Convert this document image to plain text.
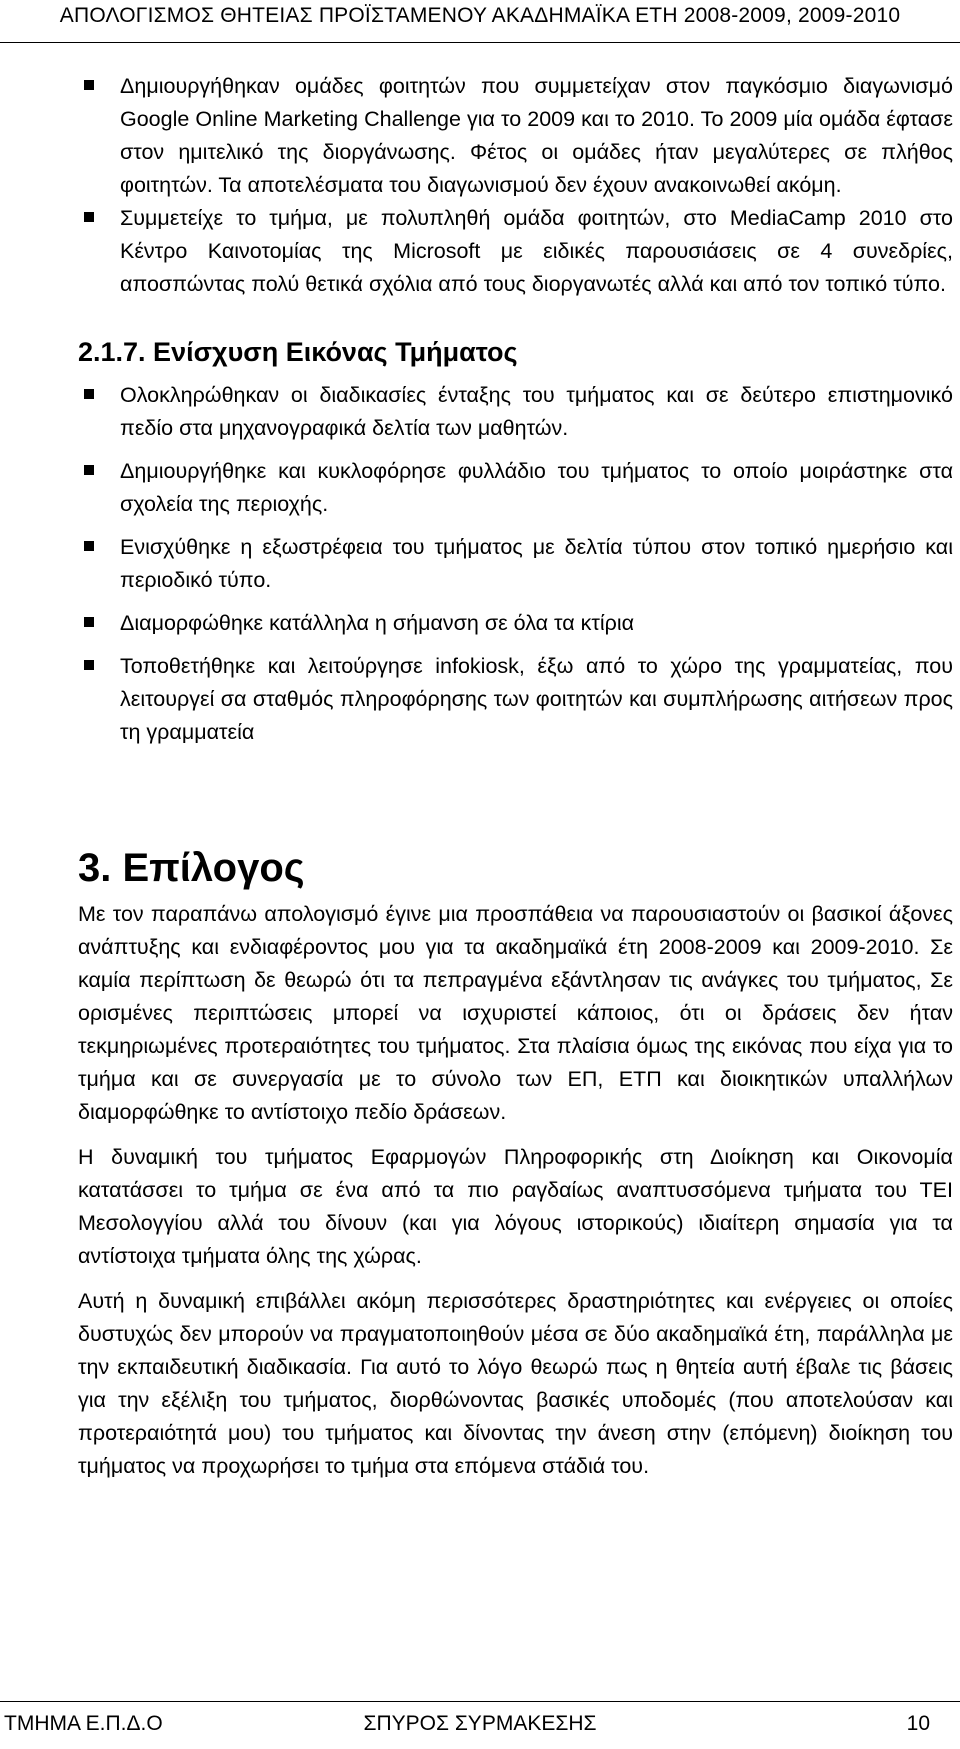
ΑΠΟΛΟΓΙΣΜΟΣ ΘΗΤΕΙΑΣ ΠΡΟΪΣΤΑΜΕΝΟΥ ΑΚΑΔΗΜΑΪΚΑ ΕΤΗ 2008-2009, 2009-2010
Δημιουργήθηκαν ομάδες φοιτητών που συμμετείχαν στον παγκόσμιο διαγωνισμό Google Online Marketing Challenge για το 2009 και το 2010. Το 2009 μία ομάδα έφτασε στον ημιτελικό της διοργάνωσης. Φέτος οι ομάδες ήταν μεγαλύτερες σε πλήθος φοιτητών. Τα αποτελέσματα του διαγωνισμού δεν έχουν ανακοινωθεί ακόμη.
Συμμετείχε το τμήμα, με πολυπληθή ομάδα φοιτητών, στο MediaCamp 2010 στο Κέντρο Καινοτομίας της Microsoft με ειδικές παρουσιάσεις σε 4 συνεδρίες, αποσπώντας πολύ θετικά σχόλια από τους διοργανωτές αλλά και από τον τοπικό τύπο.
2.1.7. Ενίσχυση Εικόνας Τμήματος
Ολοκληρώθηκαν οι διαδικασίες ένταξης του τμήματος και σε δεύτερο επιστημονικό πεδίο στα μηχανογραφικά δελτία των μαθητών.
Δημιουργήθηκε και κυκλοφόρησε φυλλάδιο του τμήματος το οποίο μοιράστηκε στα σχολεία της περιοχής.
Ενισχύθηκε η εξωστρέφεια του τμήματος με δελτία τύπου στον τοπικό ημερήσιο και περιοδικό τύπο.
Διαμορφώθηκε κατάλληλα η σήμανση σε όλα τα κτίρια
Τοποθετήθηκε και λειτούργησε infokiosk, έξω από το χώρο της γραμματείας, που λειτουργεί σα σταθμός πληροφόρησης των φοιτητών και συμπλήρωσης αιτήσεων προς τη γραμματεία
3. Επίλογος

Με τον παραπάνω απολογισμό έγινε μια προσπάθεια να παρουσιαστούν οι βασικοί άξονες ανάπτυξης και ενδιαφέροντος μου για τα ακαδημαϊκά έτη 2008-2009 και 2009-2010. Σε καμία περίπτωση δε θεωρώ ότι τα πεπραγμένα εξάντλησαν τις ανάγκες του τμήματος, Σε ορισμένες περιπτώσεις μπορεί να ισχυριστεί κάποιος, ότι οι δράσεις δεν ήταν τεκμηριωμένες προτεραιότητες του τμήματος. Στα πλαίσια όμως της εικόνας που είχα για το τμήμα και σε συνεργασία με το σύνολο των ΕΠ, ΕΤΠ και διοικητικών υπαλλήλων διαμορφώθηκε το αντίστοιχο πεδίο δράσεων.

Η δυναμική του τμήματος Εφαρμογών Πληροφορικής στη Διοίκηση και Οικονομία κατατάσσει το τμήμα σε ένα από τα πιο ραγδαίως αναπτυσσόμενα τμήματα του ΤΕΙ Μεσολογγίου αλλά του δίνουν (και για λόγους ιστορικούς) ιδιαίτερη σημασία για τα αντίστοιχα τμήματα όλης της χώρας.

Αυτή η δυναμική επιβάλλει ακόμη περισσότερες δραστηριότητες και ενέργειες οι οποίες δυστυχώς δεν μπορούν να πραγματοποιηθούν μέσα σε δύο ακαδημαϊκά έτη, παράλληλα με την εκπαιδευτική διαδικασία. Για αυτό το λόγο θεωρώ πως η θητεία αυτή έβαλε τις βάσεις για την εξέλιξη του τμήματος, διορθώνοντας βασικές υποδομές (που αποτελούσαν και προτεραιότητά μου) του τμήματος και δίνοντας την άνεση στην (επόμενη) διοίκηση του τμήματος να προχωρήσει το τμήμα στα επόμενα στάδιά του.

ΤΜΗΜΑ Ε.Π.Δ.Ο	ΣΠΥΡΟΣ ΣΥΡΜΑΚΕΣΗΣ	10
